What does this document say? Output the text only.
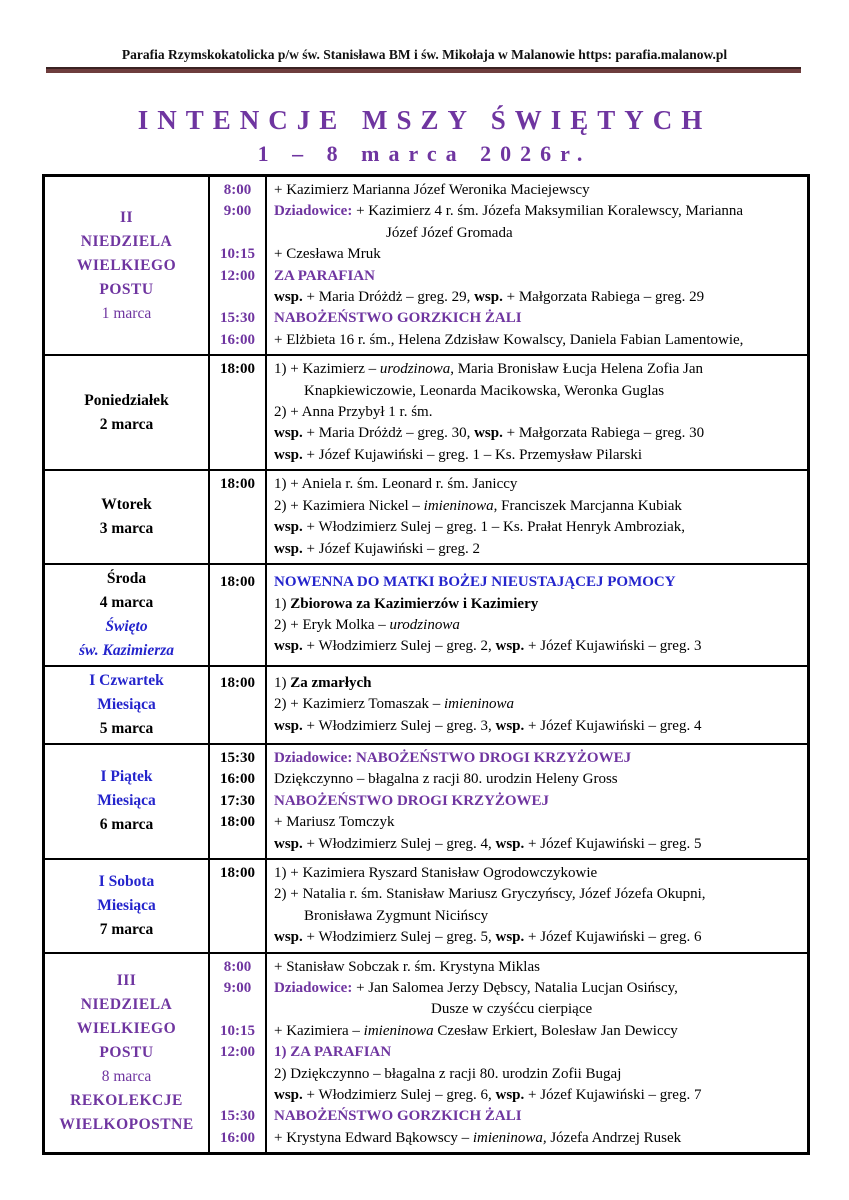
Parafia Rzymskokatolicka p/w św. Stanisława BM i św. Mikołaja w Malanowie https: parafia.malanow.pl
INTENCJE MSZY ŚWIĘTYCH
1 – 8 marca 2026r.
II
NIEDZIELA
WIELKIEGO
POSTU
1 marca
8:00	+ Kazimierz Marianna Józef Weronika Maciejewscy
9:00	Dziadowice: + Kazimierz 4 r. śm. Józefa Maksymilian Koralewscy, Marianna
Józef Józef Gromada
10:15	+ Czesława Mruk
12:00	ZA PARAFIAN
wsp. + Maria Dróżdż – greg. 29, wsp. + Małgorzata Rabiega – greg. 29
15:30	NABOŻEŃSTWO GORZKICH ŻALI
16:00	+ Elżbieta 16 r. śm., Helena Zdzisław Kowalscy, Daniela Fabian Lamentowie,
Poniedziałek
2 marca
18:00	1) + Kazimierz – urodzinowa, Maria Bronisław Łucja Helena Zofia Jan
Knapkiewiczowie, Leonarda Macikowska, Weronka Guglas
2) + Anna Przybył 1 r. śm.
wsp. + Maria Dróżdż – greg. 30, wsp. + Małgorzata Rabiega – greg. 30
wsp. + Józef Kujawiński – greg. 1 – Ks. Przemysław Pilarski
Wtorek
3 marca
18:00	1) + Aniela r. śm. Leonard r. śm. Janiccy
2) + Kazimiera Nickel – imieninowa, Franciszek Marcjanna Kubiak
wsp. + Włodzimierz Sulej – greg. 1 – Ks. Prałat Henryk Ambroziak,
wsp. + Józef Kujawiński – greg. 2
Środa
4 marca
Święto
św. Kazimierza
18:00	NOWENNA DO MATKI BOŻEJ NIEUSTAJĄCEJ POMOCY
1) Zbiorowa za Kazimierzów i Kazimiery
2) + Eryk Molka – urodzinowa
wsp. + Włodzimierz Sulej – greg. 2, wsp. + Józef Kujawiński – greg. 3
I Czwartek
Miesiąca
5 marca
18:00	1) Za zmarłych
2) + Kazimierz Tomaszak – imieninowa
wsp. + Włodzimierz Sulej – greg. 3, wsp. + Józef Kujawiński – greg. 4
I Piątek
Miesiąca
6 marca
15:30	Dziadowice: NABOŻEŃSTWO DROGI KRZYŻOWEJ
16:00	Dziękczynno – błagalna z racji 80. urodzin Heleny Gross
17:30	NABOŻEŃSTWO DROGI KRZYŻOWEJ
18:00	+ Mariusz Tomczyk
wsp. + Włodzimierz Sulej – greg. 4, wsp. + Józef Kujawiński – greg. 5
I Sobota
Miesiąca
7 marca
18:00	1) + Kazimiera Ryszard Stanisław Ogrodowczykowie
2) + Natalia r. śm. Stanisław Mariusz Gryczyńscy, Józef Józefa Okupni,
Bronisława Zygmunt Nicińscy
wsp. + Włodzimierz Sulej – greg. 5, wsp. + Józef Kujawiński – greg. 6
III
NIEDZIELA
WIELKIEGO
POSTU
8 marca
REKOLEKCJE
WIELKOPOSTNE
8:00	+ Stanisław Sobczak r. śm. Krystyna Miklas
9:00	Dziadowice: + Jan Salomea Jerzy Dębscy, Natalia Lucjan Osińscy,
Dusze w czyśćcu cierpiące
10:15	+ Kazimiera – imieninowa Czesław Erkiert, Bolesław Jan Dewiccy
12:00	1) ZA PARAFIAN
2) Dziękczynno – błagalna z racji 80. urodzin Zofii Bugaj
wsp. + Włodzimierz Sulej – greg. 6, wsp. + Józef Kujawiński – greg. 7
15:30	NABOŻEŃSTWO GORZKICH ŻALI
16:00	+ Krystyna Edward Bąkowscy – imieninowa, Józefa Andrzej Rusek
